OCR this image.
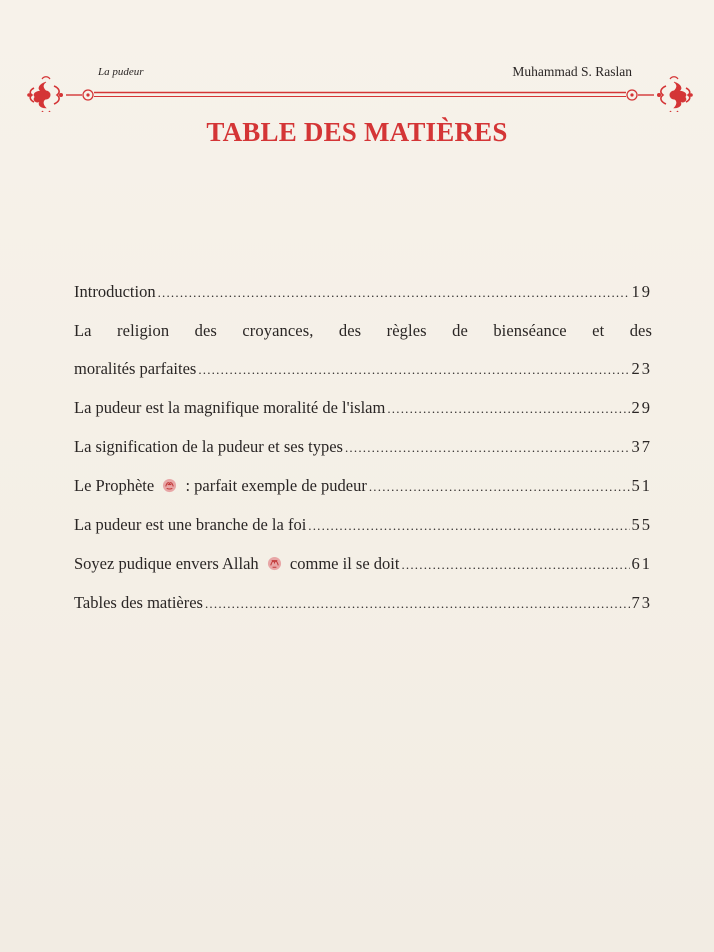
La pudeur	Muhammad S. Raslan
TABLE DES MATIÈRES
Introduction .....	19
La religion des croyances, des règles de bienséance et des
moralités parfaites .....	23
La pudeur est la magnifique moralité de l'islam .....	29
La signification de la pudeur et ses types .....	37
Le Prophète : parfait exemple de pudeur .....	51
La pudeur est une branche de la foi .....	55
Soyez pudique envers Allah comme il se doit .....	61
Tables des matières .....	73
